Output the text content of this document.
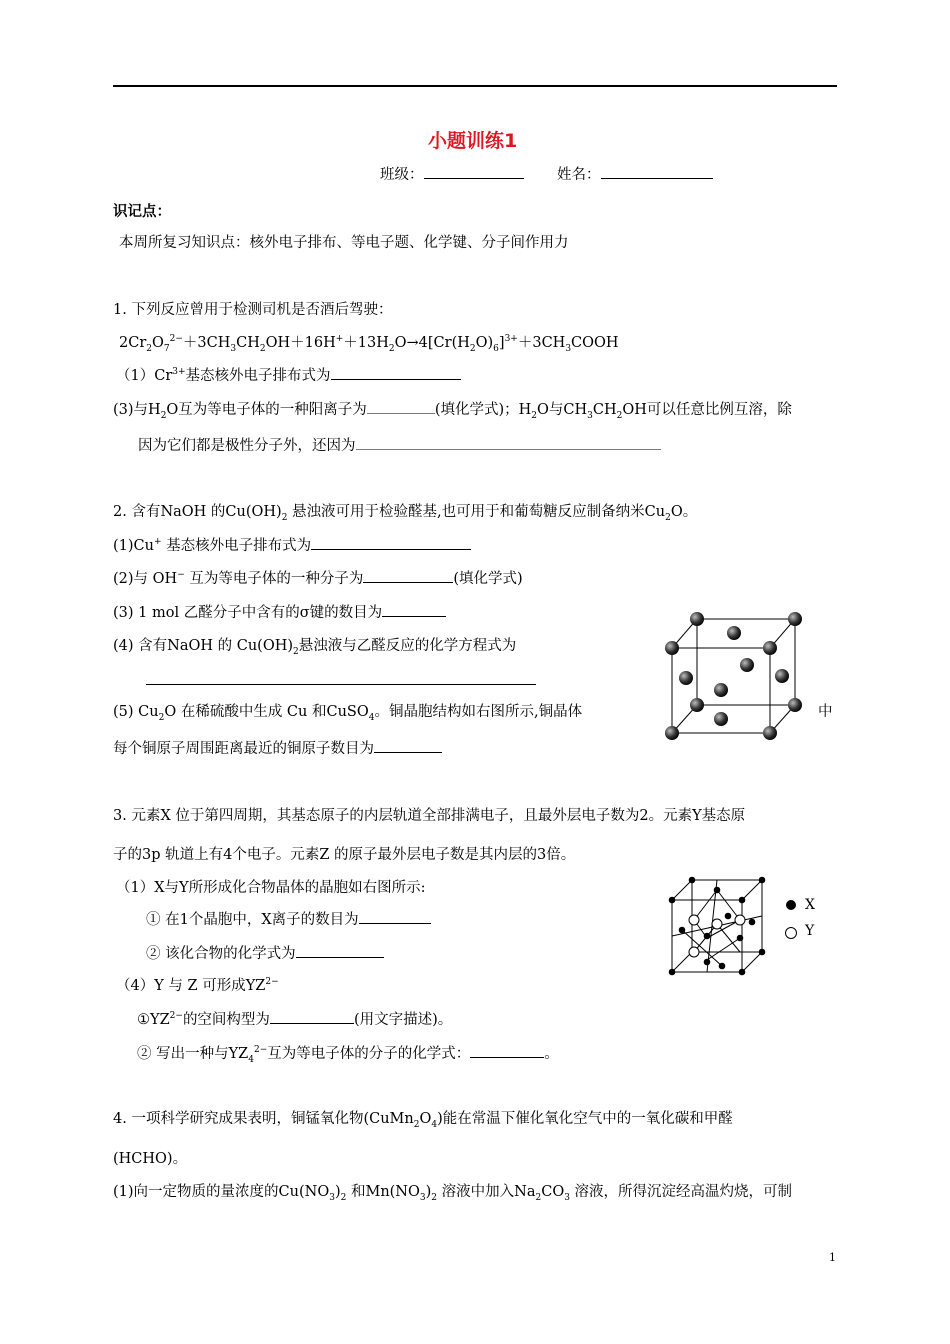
小题训练1
班级：	姓名：
识记点：
本周所复习知识点：核外电子排布、等电子题、化学键、分子间作用力
1. 下列反应曾用于检测司机是否酒后驾驶：
$2Cr_2O_7^{2-}+3CH_3CH_2OH+16H^++13H_2O\to 4[Cr(H_2O)_6]^{3+}+3CH_3COOH$
$(1)Cr^{3+}$基态核外电子排布式为
(3)与$H_2O$互为等电子体的一种阳离子为	(填化学式)；$H_2O$与$CH_3CH_2OH$可以任意比例互溶，除
因为它们都是极性分子外，还因为
2. 含有NaOH 的$Cu(OH)_2$ 悬浊液可用于检验醛基,也可用于和葡萄糖反应制备纳米$Cu_2O$。
(1)Cu+ 基态核外电子排布式为
(2)与 OH− 互为等电子体的一种分子为	(填化学式)
(3) 1 mol 乙醛分子中含有的σ键的数目为
(4) 含有NaOH 的 $Cu(OH)_2$悬浊液与乙醛反应的化学方程式为
(5) $Cu_2O$ 在稀硫酸中生成 Cu 和CuSO$_4$。铜晶胞结构如右图所示,铜晶体	中
每个铜原子周围距离最近的铜原子数目为
3. 元素X 位于第四周期，其基态原子的内层轨道全部排满电子，且最外层电子数为2。元素Y基态原
子的3p 轨道上有4个电子。元素Z 的原子最外层电子数是其内层的3倍。
（1）X与Y所形成化合物晶体的晶胞如右图所示:
① 在1个晶胞中，X离子的数目为
② 该化合物的化学式为
（4）Y 与 Z 可形成$YZ^{2-}$
$①YZ^{2-}$的空间构型为	(用文字描述)。
② 写出一种与$YZ_4^{2-}$互为等电子体的分子的化学式：	。
X
Y
4. 一项科学研究成果表明，铜锰氧化物$(CuMn_2O_4)$能在常温下催化氧化空气中的一氧化碳和甲醛
(HCHO)。
(1)向一定物质的量浓度的$Cu(NO_3)_2$ 和$Mn(NO_3)_2$ 溶液中加入$Na_2CO_3$ 溶液，所得沉淀经高温灼烧，可制
1
